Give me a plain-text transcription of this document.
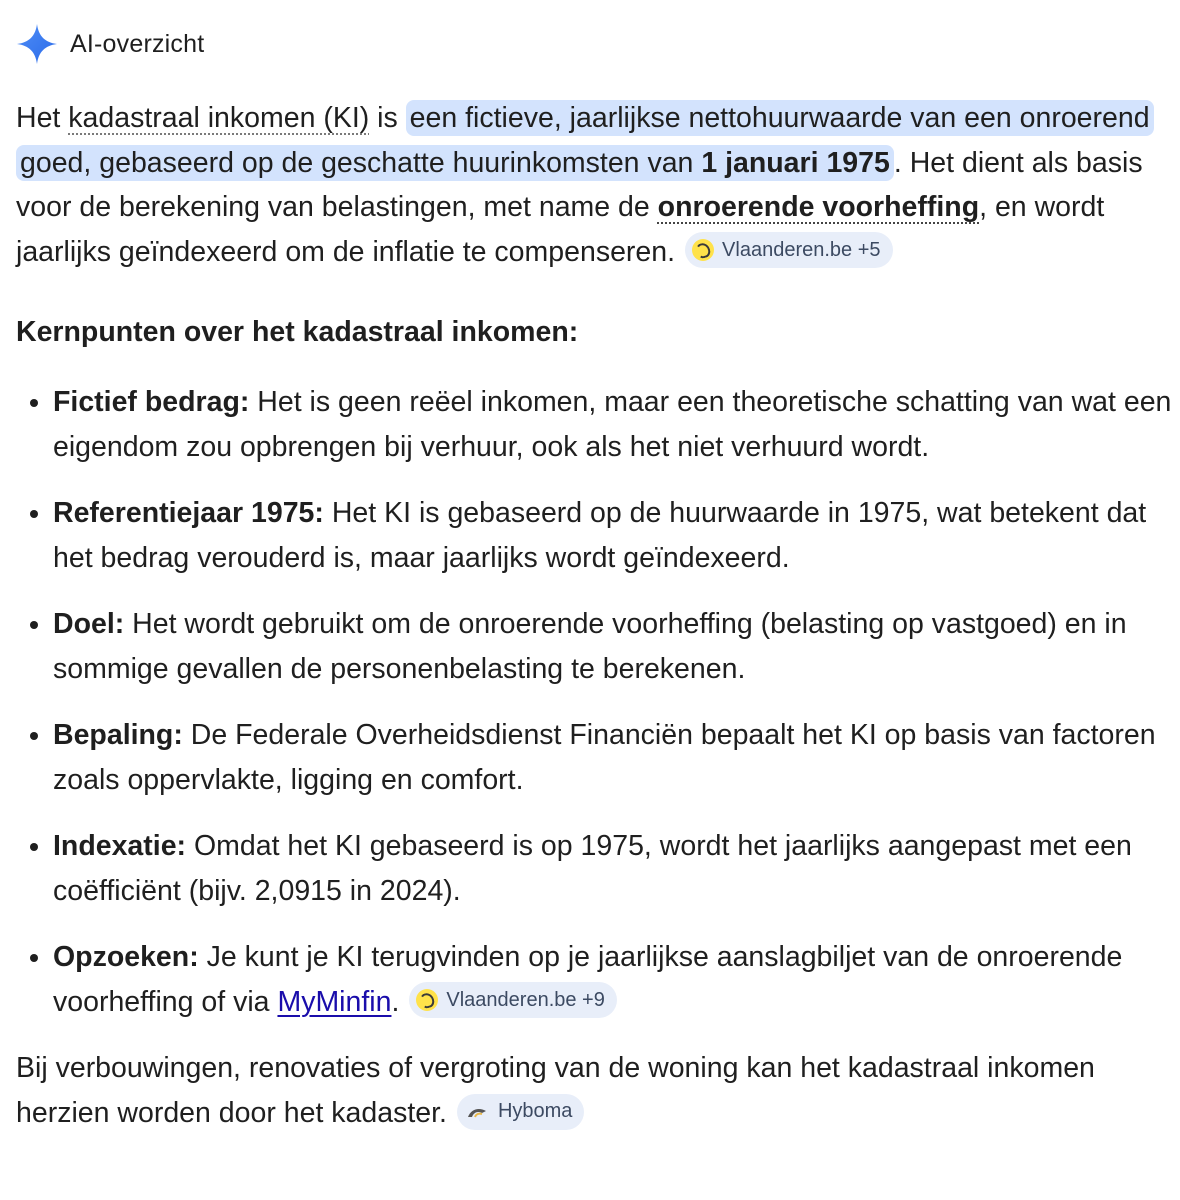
AI-overzicht

Het kadastraal inkomen (KI) is een fictieve, jaarlijkse nettohuurwaarde van een onroerend goed, gebaseerd op de geschatte huurinkomsten van 1 januari 1975 . Het dient als basis voor de berekening van belastingen, met name de onroerende voorheffing, en wordt jaarlijks geïndexeerd om de inflatie te compenseren. Vlaanderen.be +5

Kernpunten over het kadastraal inkomen:
• Fictief bedrag: Het is geen reëel inkomen, maar een theoretische schatting van wat een eigendom zou opbrengen bij verhuur, ook als het niet verhuurd wordt.
• Referentiejaar 1975: Het KI is gebaseerd op de huurwaarde in 1975, wat betekent dat het bedrag verouderd is, maar jaarlijks wordt geïndexeerd.
• Doel: Het wordt gebruikt om de onroerende voorheffing (belasting op vastgoed) en in sommige gevallen de personenbelasting te berekenen.
• Bepaling: De Federale Overheidsdienst Financiën bepaalt het KI op basis van factoren zoals oppervlakte, ligging en comfort.
• Indexatie: Omdat het KI gebaseerd is op 1975, wordt het jaarlijks aangepast met een coëfficiënt (bijv. 2,0915 in 2024).
• Opzoeken: Je kunt je KI terugvinden op je jaarlijkse aanslagbiljet van de onroerende voorheffing of via MyMinfin. Vlaanderen.be +9

Bij verbouwingen, renovaties of vergroting van de woning kan het kadastraal inkomen herzien worden door het kadaster.	Hyboma
